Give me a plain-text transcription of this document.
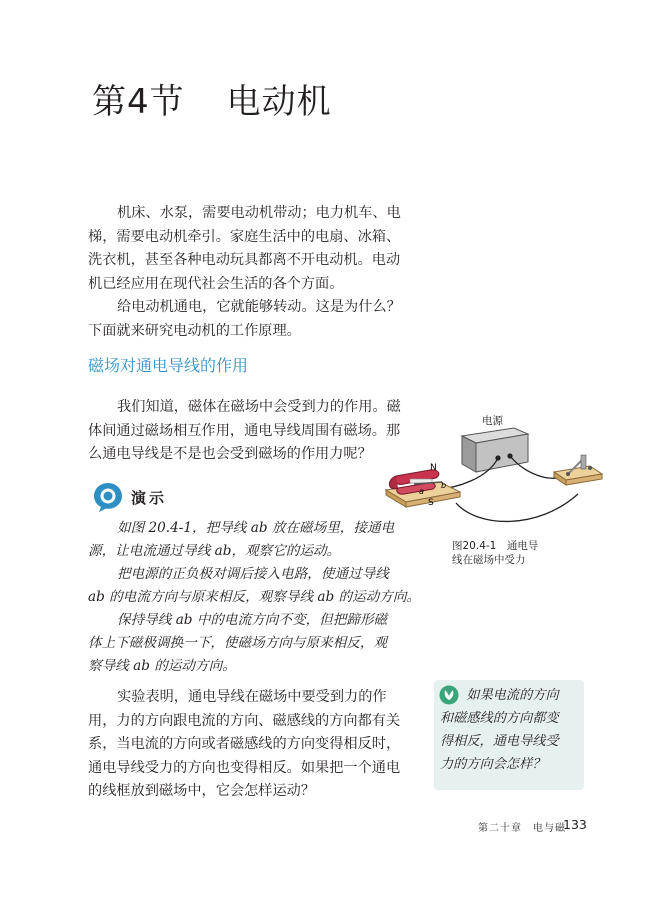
第4节 电动机
机床、水泵，需要电动机带动；电力机车、电
梯，需要电动机牵引。家庭生活中的电扇、冰箱、
洗衣机，甚至各种电动玩具都离不开电动机。电动
机已经应用在现代社会生活的各个方面。
给电动机通电，它就能够转动。这是为什么？
下面就来研究电动机的工作原理。
磁场对通电导线的作用
我们知道，磁体在磁场中会受到力的作用。磁
体间通过磁场相互作用，通电导线周围有磁场。那
么通电导线是不是也会受到磁场的作用力呢？
演示
如图 20.4-1，把导线 ab 放在磁场里，接通电
源，让电流通过导线 ab，观察它的运动。
把电源的正负极对调后接入电路，使通过导线
ab 的电流方向与原来相反，观察导线 ab 的运动方向。
保持导线 ab 中的电流方向不变，但把蹄形磁
体上下磁极调换一下，使磁场方向与原来相反，观
察导线 ab 的运动方向。
电源
N
S
a
b
图20.4-1　通电导
线在磁场中受力
实验表明，通电导线在磁场中要受到力的作
用，力的方向跟电流的方向、磁感线的方向都有关
系，当电流的方向或者磁感线的方向变得相反时，
通电导线受力的方向也变得相反。如果把一个通电
的线框放到磁场中，它会怎样运动？
　　如果电流的方向
和磁感线的方向都变
得相反，通电导线受
力的方向会怎样？
第二十章　电与磁
133
